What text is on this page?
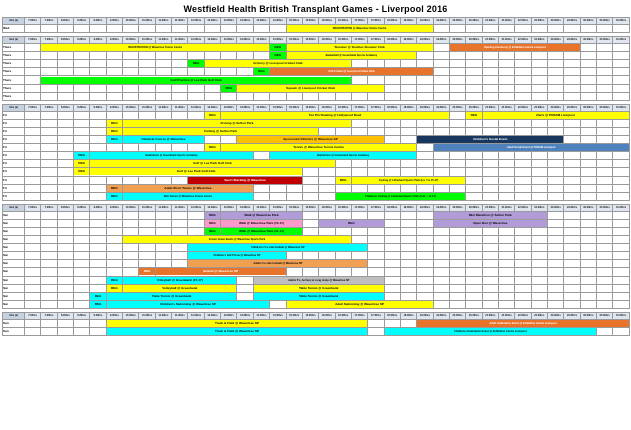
Westfield Health British Transplant Games - Liverpool 2016
time (a)	7.00hrs	7.30hrs	8.00hrs	8.30hrs	9.00hrs	9.30hrs	10.00hrs	10.30hrs	11.00hrs	11.30hrs	12.00hrs	12.30hrs	13.00hrs	13.30hrs	14.00hrs	14.30hrs	15.00hrs	15.30hrs	16.00hrs	16.30hrs	17.00hrs	17.30hrs	18.00hrs	18.30hrs	19.00hrs	19.30hrs	20.00hrs	20.30hrs	21.00hrs	21.30hrs	22.00hrs	22.30hrs	23.00hrs	23.30hrs	00.00hrs	00.30hrs	01.00hrs
Wed																	REGISTRATION @ Wavertree Tennis Centre																				

time (a)	7.00hrs	7.30hrs	8.00hrs	8.30hrs	9.00hrs	9.30hrs	10.00hrs	10.30hrs	11.00hrs	11.30hrs	12.00hrs	12.30hrs	13.00hrs	13.30hrs	14.00hrs	14.30hrs	15.00hrs	15.30hrs	16.00hrs	16.30hrs	17.00hrs	17.30hrs	18.00hrs	18.30hrs	19.00hrs	19.30hrs	20.00hrs	20.30hrs	21.00hrs	21.30hrs	22.00hrs	22.30hrs	23.00hrs	23.30hrs	00.00hrs	00.30hrs	01.00hrs
Thurs		REGISTRATION @ Wavertree Tennis Centre														REG	Snooker @ Scotties Snooker Club										Opening Ceremony @ Exhibition Centre Liverpool										

Thurs																REG	Basketball @ Greenbank Sports Academy																				

Thurs											REG	Archery @ Liverpool Cricket Club																									

Thurs															REG	Soft Cricket @ Liverpool Cricket Club																					

Thurs		Golf Practice @ Lee Park Golf Club																																			

Thurs													REG	Squash @ Liverpool Cricket Club																							

Thurs																																					
time (a)	7.00hrs	7.30hrs	8.00hrs	8.30hrs	9.00hrs	9.30hrs	10.00hrs	10.30hrs	11.00hrs	11.30hrs	12.00hrs	12.30hrs	13.00hrs	13.30hrs	14.00hrs	14.30hrs	15.00hrs	15.30hrs	16.00hrs	16.30hrs	17.00hrs	17.30hrs	18.00hrs	18.30hrs	19.00hrs	19.30hrs	20.00hrs	20.30hrs	21.00hrs	21.30hrs	22.00hrs	22.30hrs	23.00hrs	23.30hrs	00.00hrs	00.30hrs	01.00hrs
Fri												REG	Ten Pin Bowling @ Hollywood Bowl															REG	Darts @ PANAM Liverpool								

Fri						REG	Fishing @ Sefton Park																														

Fri						REG	Fishing @ Sefton Park																														

Fri						REG	Obstacle Course @ Wavertree							Sponsored Athletics @ Wavertree SP											Children's Social Event												

Fri												REG	Tennis @ Wavertree Tennis Centre													Adult Social Event @ PANAM Liverpool											

Fri				REG	Badminton @ Greenbank Sports Academy											Badminton @ Greenbank Sports Academy																					

Fri				REG	Golf @ Lee Park Golf Club																																

Fri				REG	Golf @ Lee Park Golf Club																																

Fri											Sport Stacking @ Wavertree									REG	Cycling @ Litherland Sports Park (Ist, Yrs 15-17)																

Fri						REG	Adult Short Tennis @ Wavertree																														

Fri						REG	Mini Tennis @ Wavertree Tennis Centre													Childrens Cycling @ Litherland Sports Park (5-11 + 11-14)																	

time (a)	7.00hrs	7.30hrs	8.00hrs	8.30hrs	9.00hrs	9.30hrs	10.00hrs	10.30hrs	11.00hrs	11.30hrs	12.00hrs	12.30hrs	13.00hrs	13.30hrs	14.00hrs	14.30hrs	15.00hrs	15.30hrs	16.00hrs	16.30hrs	17.00hrs	17.30hrs	18.00hrs	18.30hrs	19.00hrs	19.30hrs	20.00hrs	20.30hrs	21.00hrs	21.30hrs	22.00hrs	22.30hrs	23.00hrs	23.30hrs	00.00hrs	00.30hrs	01.00hrs
Sat												REG	Walk @ Wavertree Park													Mini Marathon @ Sefton Park											

Sat												REG	Walk @ Wavertree Park (15-17)						REG							Open Run @ Wavertree											

Sat												REG	Walk @ Wavertree Park (11-14)																								

Sat							Crown Green Bowls @ Wavertree Sports Park																														

Sat											Children's 5 a side football @ Wavertree SP																										

Sat											Children's ball Throw @ Wavertree SP																										

Sat											Adults 5 a side football @ Wavertree SP																										

Sat								REG	Netball @ Wavertree SP																												

Sat						REG	Volleyball @ Greenbank (15-17)								Adults 5's, Archery & Long Jump @ Wavertree SP																						

Sat						REG	Volleyball @ Greenbank								Table Tennis @ Greenbank																						

Sat					REG	Table Tennis @ Greenbank									Table Tennis @ Greenbank																						

Sat					REG	Children's Swimming @ Wavertree SP											Adult Swimming @ Wavertree SP																				

time (a)	7.00hrs	7.30hrs	8.00hrs	8.30hrs	9.00hrs	9.30hrs	10.00hrs	10.30hrs	11.00hrs	11.30hrs	12.00hrs	12.30hrs	13.00hrs	13.30hrs	14.00hrs	14.30hrs	15.00hrs	15.30hrs	16.00hrs	16.30hrs	17.00hrs	17.30hrs	18.00hrs	18.30hrs	19.00hrs	19.30hrs	20.00hrs	20.30hrs	21.00hrs	21.30hrs	22.00hrs	22.30hrs	23.00hrs	23.30hrs	00.00hrs	00.30hrs	01.00hrs
Sun						Track & Field @ Wavertree SP																			Adult Celebration Event @ Exhibition Centre Liverpool												

Sun						Track & Field @ Wavertree SP																	Childrens Celebration Event @ Exhibition Centre Liverpool														
